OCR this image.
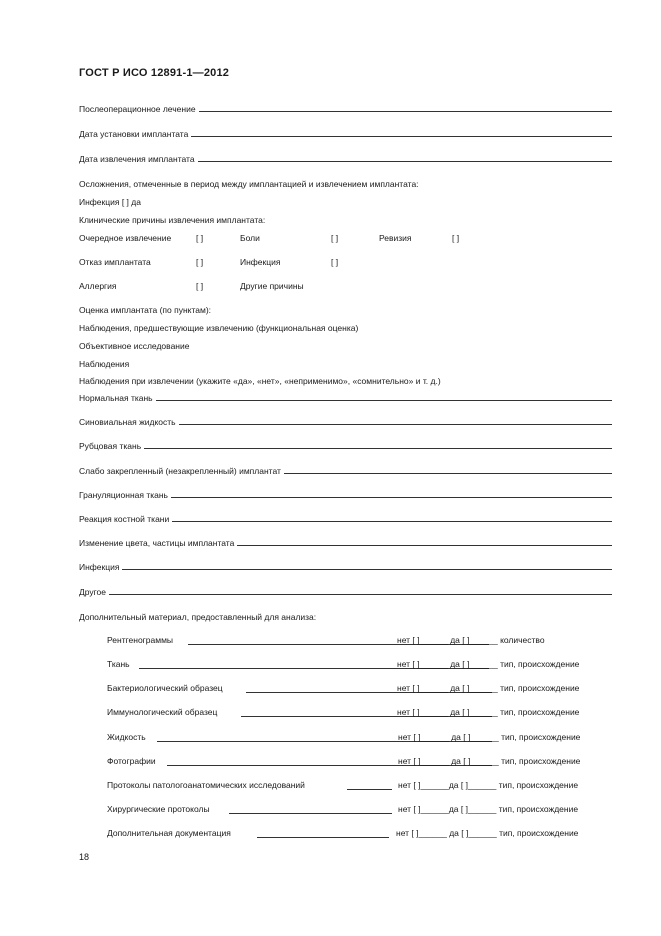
ГОСТ Р ИСО 12891-1—2012
Послеоперационное лечение
Дата установки имплантата
Дата извлечения имплантата
Осложнения, отмеченные в период между имплантацией и извлечением имплантата:
Инфекция [ ] да
Клинические причины извлечения имплантата:
Очередное извлечение	[ ]	Боли	[ ]	Ревизия	[ ]
Отказ имплантата	[ ]	Инфекция	[ ]
Аллергия	[ ]	Другие причины
Оценка имплантата (по пунктам):
Наблюдения, предшествующие извлечению (функциональная оценка)
Объективное исследование
Наблюдения
Наблюдения при извлечении (укажите «да», «нет», «неприменимо», «сомнительно» и т. д.)
Нормальная ткань
Синовиальная жидкость
Рубцовая ткань
Слабо закрепленный (незакрепленный) имплантат
Грануляционная ткань
Реакция костной ткани
Изменение цвета, частицы имплантата
Инфекция
Другое
Дополнительный материал, предоставленный для анализа:
Рентгенограммы	нет [ ]______ да [ ]______ количество
Ткань	нет [ ]______ да [ ]______ тип, происхождение
Бактериологический образец	нет [ ]______ да [ ]______ тип, происхождение
Иммунологический образец	нет [ ]______ да [ ]______ тип, происхождение
Жидкость	нет [ ]______ да [ ]______ тип, происхождение
Фотографии	нет [ ]______ да [ ]______ тип, происхождение
Протоколы патологоанатомических исследований	нет [ ]______да [ ]______ тип, происхождение
Хирургические протоколы	нет [ ]______да [ ]______ тип, происхождение
Дополнительная документация	нет [ ]______ да [ ]______ тип, происхождение
18
